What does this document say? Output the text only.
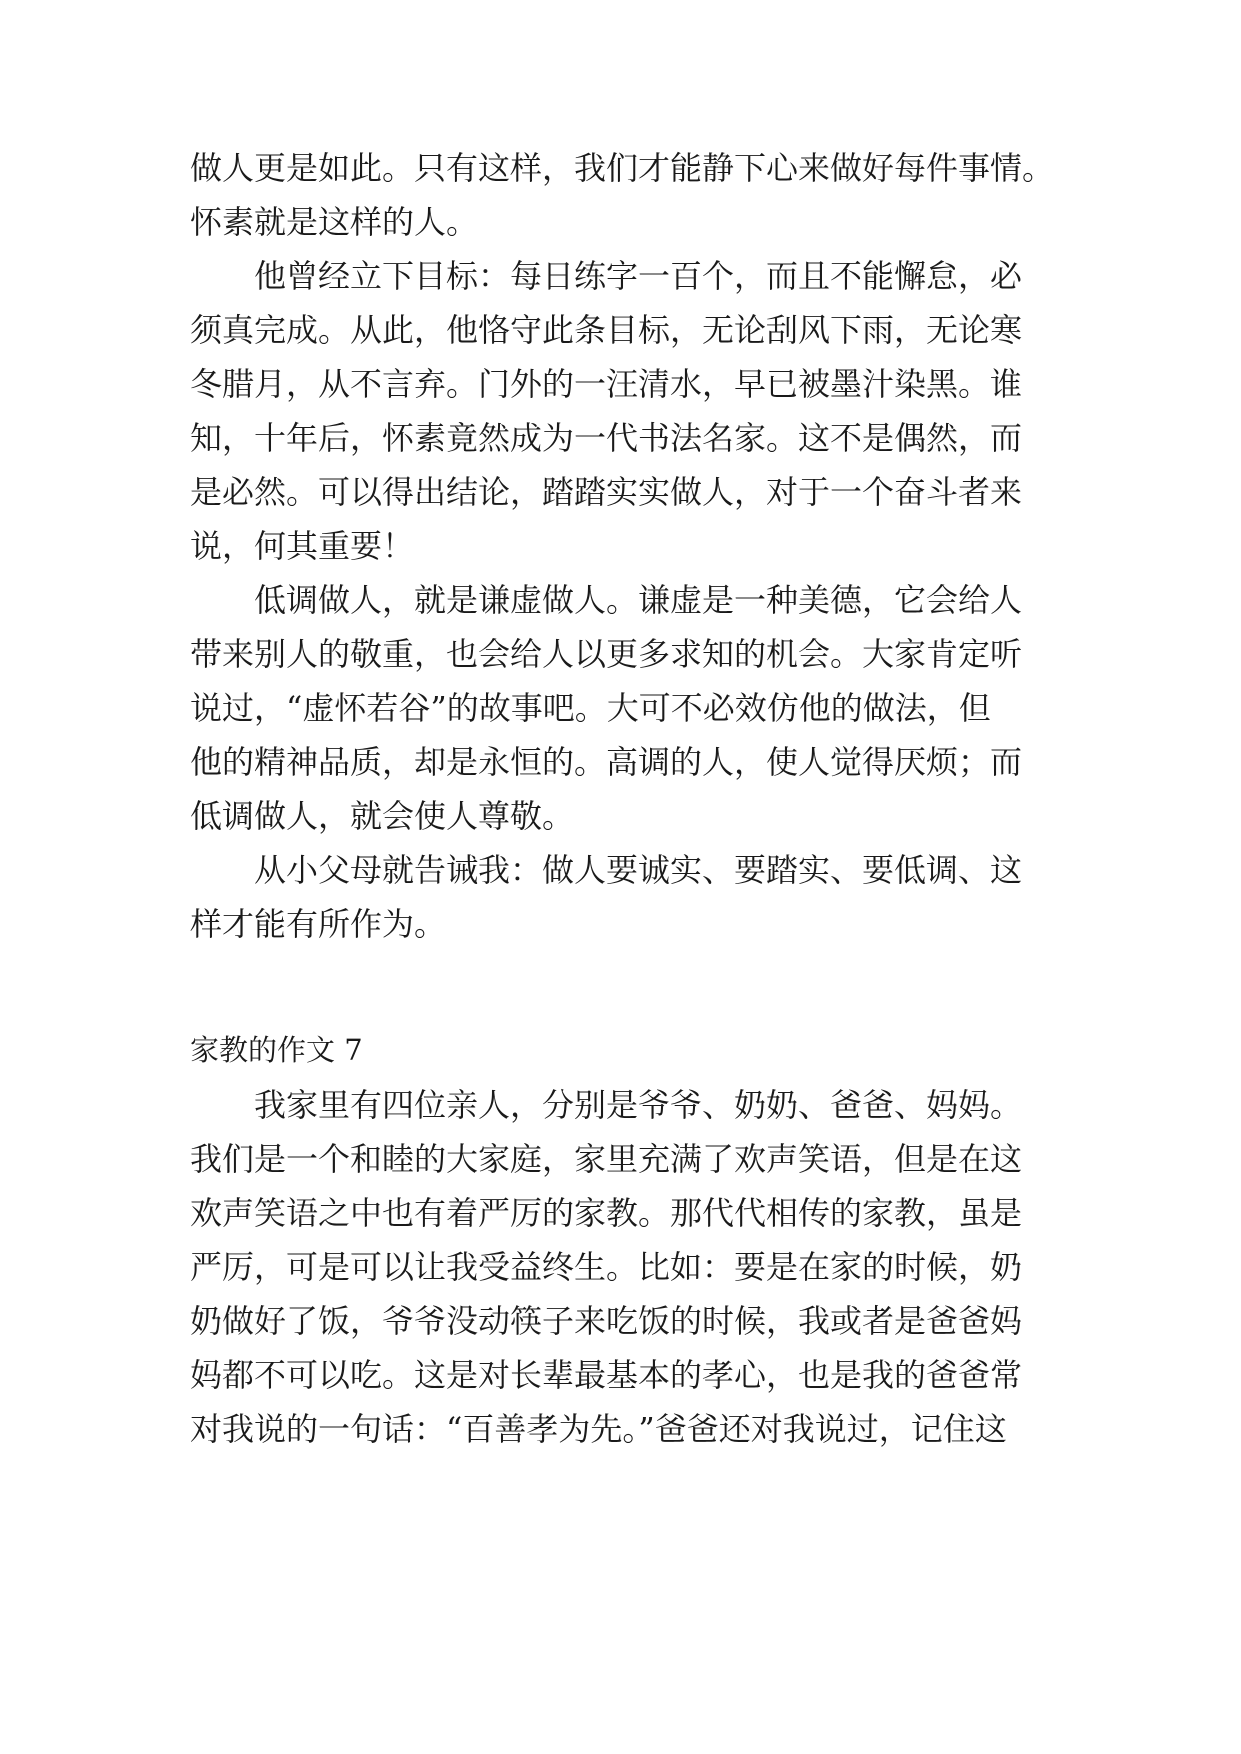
做人更是如此。只有这样，我们才能静下心来做好每件事情。
怀素就是这样的人。
他曾经立下目标：每日练字一百个，而且不能懈怠，必
须真完成。从此，他恪守此条目标，无论刮风下雨，无论寒
冬腊月，从不言弃。门外的一汪清水，早已被墨汁染黑。谁
知，十年后，怀素竟然成为一代书法名家。这不是偶然，而
是必然。可以得出结论，踏踏实实做人，对于一个奋斗者来
说，何其重要！
低调做人，就是谦虚做人。谦虚是一种美德，它会给人
带来别人的敬重，也会给人以更多求知的机会。大家肯定听
说过，“虚怀若谷”的故事吧。大可不必效仿他的做法，但
他的精神品质，却是永恒的。高调的人，使人觉得厌烦；而
低调做人，就会使人尊敬。
从小父母就告诫我：做人要诚实、要踏实、要低调、这
样才能有所作为。
家教的作文 7
我家里有四位亲人，分别是爷爷、奶奶、爸爸、妈妈。
我们是一个和睦的大家庭，家里充满了欢声笑语，但是在这
欢声笑语之中也有着严厉的家教。那代代相传的家教，虽是
严厉，可是可以让我受益终生。比如：要是在家的时候，奶
奶做好了饭，爷爷没动筷子来吃饭的时候，我或者是爸爸妈
妈都不可以吃。这是对长辈最基本的孝心，也是我的爸爸常
对我说的一句话：“百善孝为先。”爸爸还对我说过，记住这
